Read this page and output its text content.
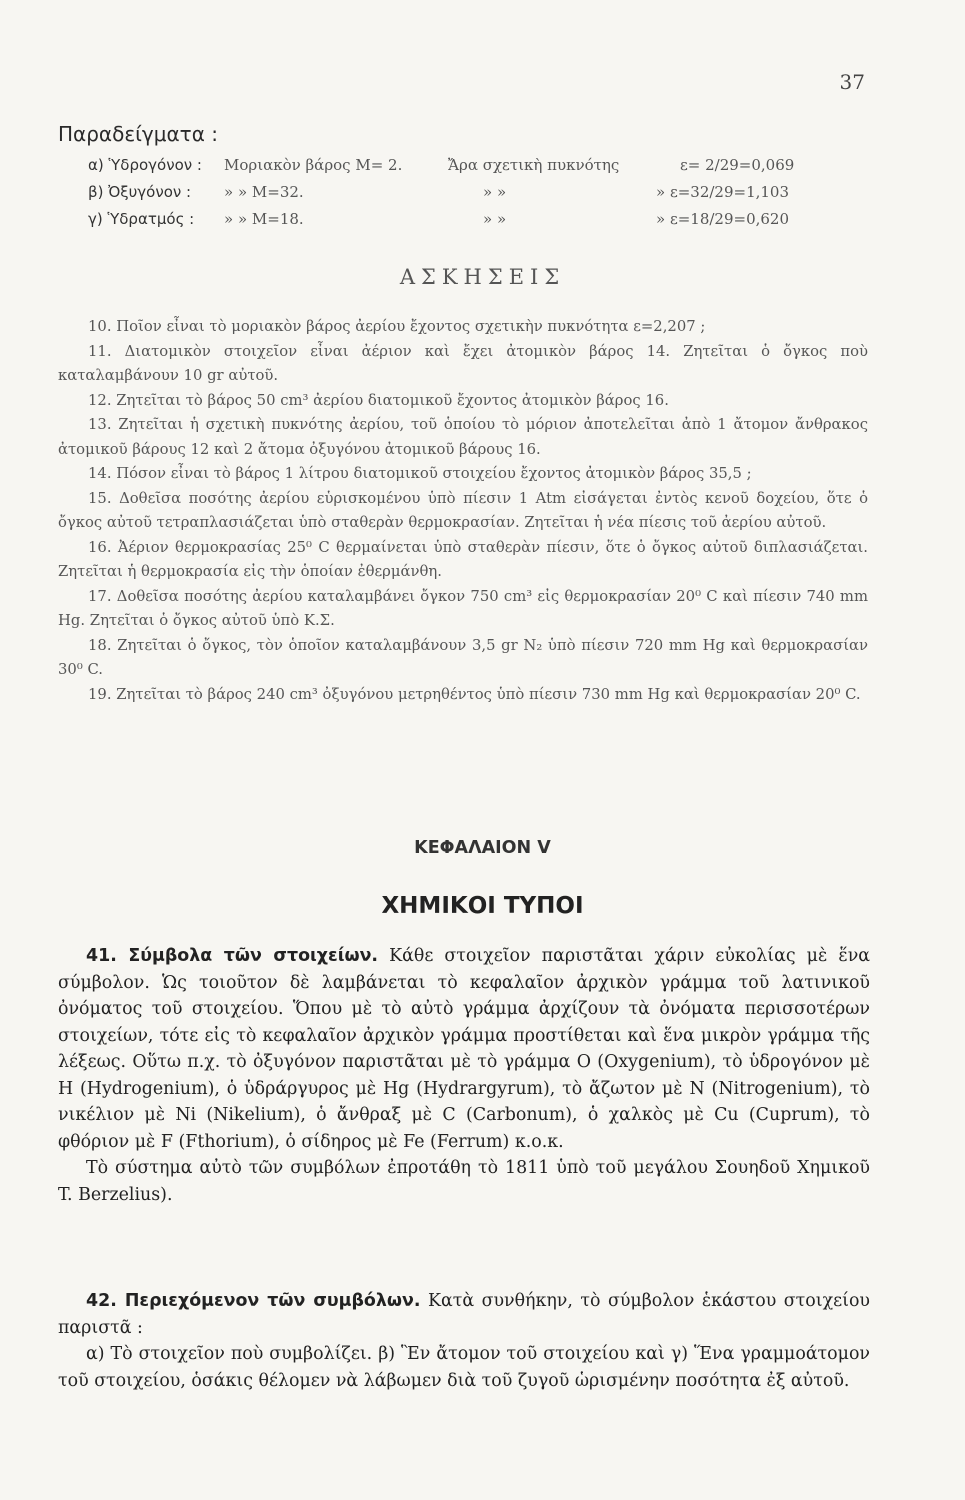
37
Παραδείγματα :
α) Ὑδρογόνον : Μοριακὸν βάρος M= 2.	Ἄρα σχετικὴ πυκνότης	ε= 2/29=0,069
β) Ὀξυγόνον : » » M=32.	» »	» ε=32/29=1,103
γ) Ὑδρατμός : » » M=18.	» »	» ε=18/29=0,620
ΑΣΚΗΣΕΙΣ

10. Ποῖον εἶναι τὸ μοριακὸν βάρος ἀερίου ἔχοντος σχετικὴν πυκνότητα ε=2,207 ;

11. Διατομικὸν στοιχεῖον εἶναι ἀέριον καὶ ἔχει ἀτομικὸν βάρος 14. Ζητεῖται ὁ ὄγκος ποὺ καταλαμβάνουν 10 gr αὐτοῦ.

12. Ζητεῖται τὸ βάρος 50 cm³ ἀερίου διατομικοῦ ἔχοντος ἀτομικὸν βάρος 16.

13. Ζητεῖται ἡ σχετικὴ πυκνότης ἀερίου, τοῦ ὁποίου τὸ μόριον ἀποτελεῖται ἀπὸ 1 ἄτομον ἄνθρακος ἀτομικοῦ βάρους 12 καὶ 2 ἄτομα ὀξυγόνου ἀτομικοῦ βάρους 16.

14. Πόσον εἶναι τὸ βάρος 1 λίτρου διατομικοῦ στοιχείου ἔχοντος ἀτομικὸν βάρος 35,5 ;

15. Δοθεῖσα ποσότης ἀερίου εὑρισκομένου ὑπὸ πίεσιν 1 Atm εἰσάγεται ἐντὸς κενοῦ δοχείου, ὅτε ὁ ὄγκος αὐτοῦ τετραπλασιάζεται ὑπὸ σταθερὰν θερμοκρασίαν. Ζητεῖται ἡ νέα πίεσις τοῦ ἀερίου αὐτοῦ.

16. Ἀέριον θερμοκρασίας 25⁰ C θερμαίνεται ὑπὸ σταθερὰν πίεσιν, ὅτε ὁ ὄγκος αὐτοῦ διπλασιάζεται. Ζητεῖται ἡ θερμοκρασία εἰς τὴν ὁποίαν ἐθερμάνθη.

17. Δοθεῖσα ποσότης ἀερίου καταλαμβάνει ὄγκον 750 cm³ εἰς θερμοκρασίαν 20⁰ C καὶ πίεσιν 740 mm Hg. Ζητεῖται ὁ ὄγκος αὐτοῦ ὑπὸ Κ.Σ.

18. Ζητεῖται ὁ ὄγκος, τὸν ὁποῖον καταλαμβάνουν 3,5 gr N₂ ὑπὸ πίεσιν 720 mm Hg καὶ θερμοκρασίαν 30⁰ C.

19. Ζητεῖται τὸ βάρος 240 cm³ ὀξυγόνου μετρηθέντος ὑπὸ πίεσιν 730 mm Hg καὶ θερμοκρασίαν 20⁰ C.

ΚΕΦΑΛΑΙΟΝ V
ΧΗΜΙΚΟΙ ΤΥΠΟΙ

41. Σύμβολα τῶν στοιχείων. Κάθε στοιχεῖον παριστᾶται χάριν εὐκολίας μὲ ἕνα σύμβολον. Ὡς τοιοῦτον δὲ λαμβάνεται τὸ κεφαλαῖον ἀρχικὸν γράμμα τοῦ λατινικοῦ ὀνόματος τοῦ στοιχείου. Ὅπου μὲ τὸ αὐτὸ γράμμα ἀρχίζουν τὰ ὀνόματα περισσοτέρων στοιχείων, τότε εἰς τὸ κεφαλαῖον ἀρχικὸν γράμμα προστίθεται καὶ ἕνα μικρὸν γράμμα τῆς λέξεως. Οὕτω π.χ. τὸ ὀξυγόνον παριστᾶται μὲ τὸ γράμμα O (Oxygenium), τὸ ὑδρογόνον μὲ H (Hydrogenium), ὁ ὑδράργυρος μὲ Hg (Hydrargyrum), τὸ ἄζωτον μὲ N (Nitrogenium), τὸ νικέλιον μὲ Ni (Nikelium), ὁ ἄνθραξ μὲ C (Carbonum), ὁ χαλκὸς μὲ Cu (Cuprum), τὸ φθόριον μὲ F (Fthorium), ὁ σίδηρος μὲ Fe (Ferrum) κ.ο.κ.

Τὸ σύστημα αὐτὸ τῶν συμβόλων ἐπροτάθη τὸ 1811 ὑπὸ τοῦ μεγάλου Σουηδοῦ Χημικοῦ T. Berzelius).

42. Περιεχόμενον τῶν συμβόλων. Κατὰ συνθήκην, τὸ σύμβολον ἑκάστου στοιχείου παριστᾶ :

α) Τὸ στοιχεῖον ποὺ συμβολίζει. β) Ἓν ἄτομον τοῦ στοιχείου καὶ γ) Ἕνα γραμμοάτομον τοῦ στοιχείου, ὁσάκις θέλομεν νὰ λάβωμεν διὰ τοῦ ζυγοῦ ὡρισμένην ποσότητα ἐξ αὐτοῦ.
